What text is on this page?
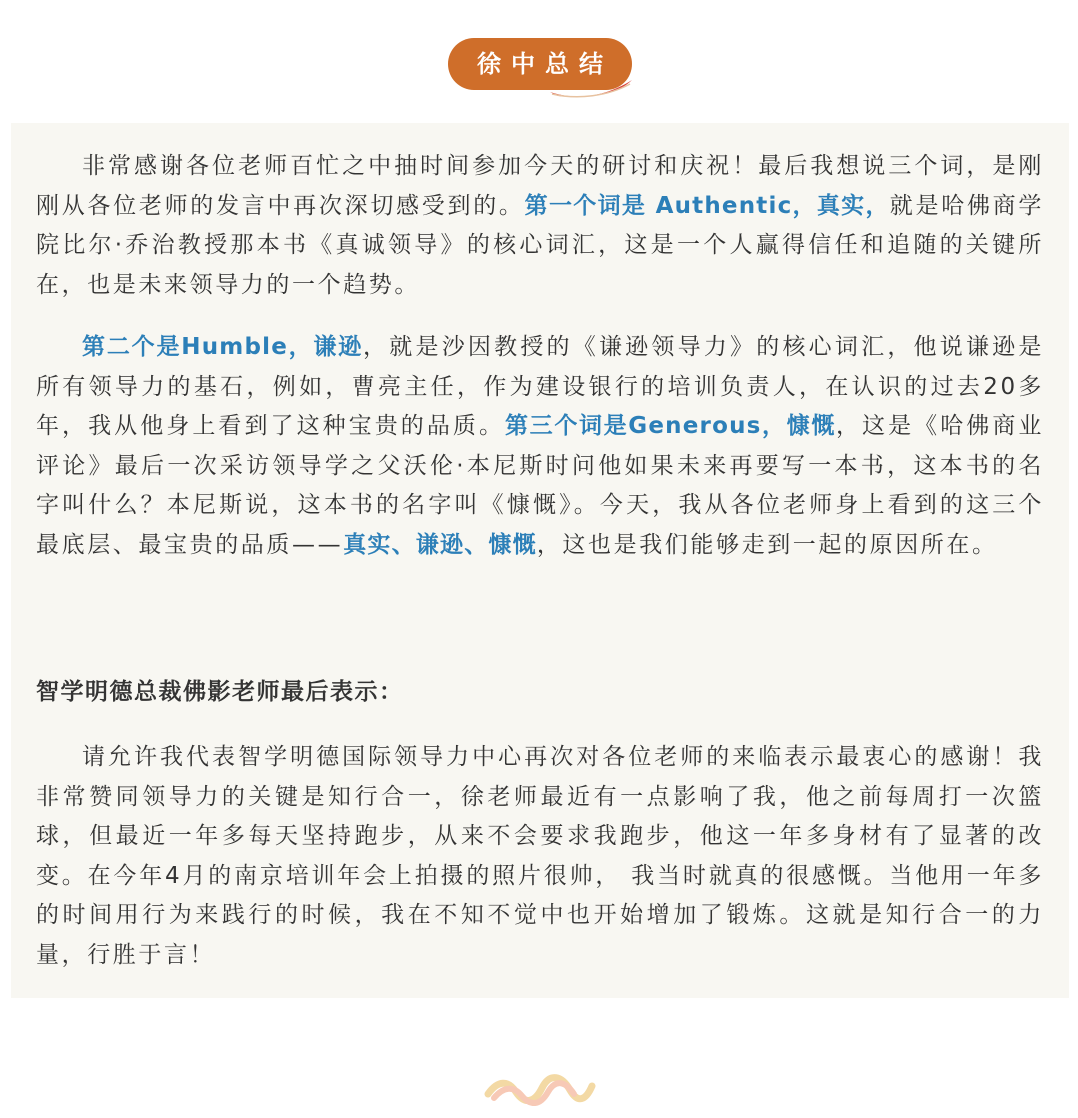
徐中总结
非常感谢各位老师百忙之中抽时间参加今天的研讨和庆祝！最后我想说三个词，是刚刚从各位老师的发言中再次深切感受到的。第一个词是 Authentic，真实，就是哈佛商学院比尔·乔治教授那本书《真诚领导》的核心词汇，这是一个人赢得信任和追随的关键所在，也是未来领导力的一个趋势。
第二个是Humble，谦逊，就是沙因教授的《谦逊领导力》的核心词汇，他说谦逊是所有领导力的基石，例如，曹亮主任，作为建设银行的培训负责人，在认识的过去20多年，我从他身上看到了这种宝贵的品质。第三个词是Generous，慷慨，这是《哈佛商业评论》最后一次采访领导学之父沃伦·本尼斯时问他如果未来再要写一本书，这本书的名字叫什么？本尼斯说，这本书的名字叫《慷慨》。今天，我从各位老师身上看到的这三个最底层、最宝贵的品质——真实、谦逊、慷慨，这也是我们能够走到一起的原因所在。
智学明德总裁佛影老师最后表示：
请允许我代表智学明德国际领导力中心再次对各位老师的来临表示最衷心的感谢！我非常赞同领导力的关键是知行合一，徐老师最近有一点影响了我，他之前每周打一次篮球，但最近一年多每天坚持跑步，从来不会要求我跑步，他这一年多身材有了显著的改变。在今年4月的南京培训年会上拍摄的照片很帅， 我当时就真的很感慨。当他用一年多的时间用行为来践行的时候，我在不知不觉中也开始增加了锻炼。这就是知行合一的力量，行胜于言！
